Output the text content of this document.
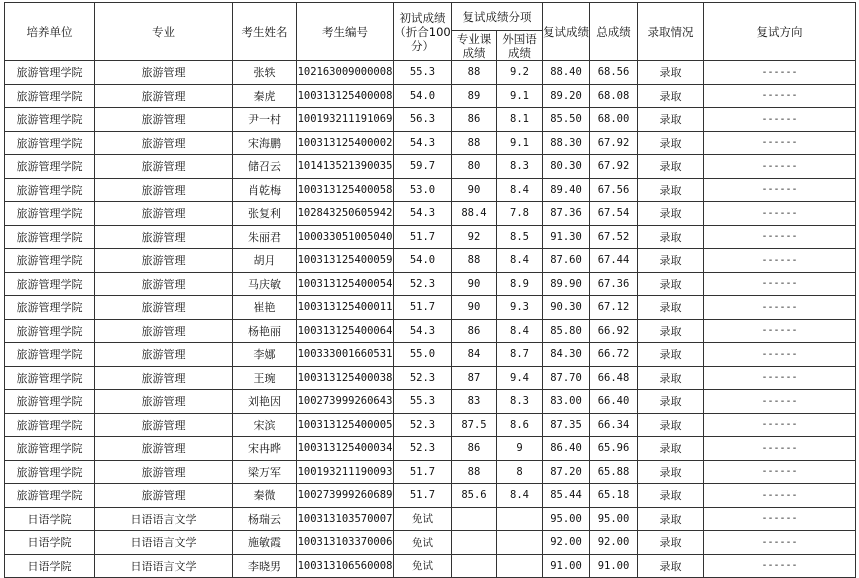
培养单位	专业	考生姓名	考生编号	初试成绩（折合100分）	复试成绩分项		复试成绩	总成绩	录取情况	复试方向
					专业课成绩	外国语成绩				
旅游管理学院	旅游管理	张轶	102163009000008	55.3	88	9.2	88.40	68.56	录取	------
旅游管理学院	旅游管理	秦虎	100313125400008	54.0	89	9.1	89.20	68.08	录取	------
旅游管理学院	旅游管理	尹一村	100193211191069	56.3	86	8.1	85.50	68.00	录取	------
旅游管理学院	旅游管理	宋海鹏	100313125400002	54.3	88	9.1	88.30	67.92	录取	------
旅游管理学院	旅游管理	储召云	101413521390035	59.7	80	8.3	80.30	67.92	录取	------
旅游管理学院	旅游管理	肖乾梅	100313125400058	53.0	90	8.4	89.40	67.56	录取	------
旅游管理学院	旅游管理	张复利	102843250605942	54.3	88.4	7.8	87.36	67.54	录取	------
旅游管理学院	旅游管理	朱丽君	100033051005040	51.7	92	8.5	91.30	67.52	录取	------
旅游管理学院	旅游管理	胡月	100313125400059	54.0	88	8.4	87.60	67.44	录取	------
旅游管理学院	旅游管理	马庆敏	100313125400054	52.3	90	8.9	89.90	67.36	录取	------
旅游管理学院	旅游管理	崔艳	100313125400011	51.7	90	9.3	90.30	67.12	录取	------
旅游管理学院	旅游管理	杨艳丽	100313125400064	54.3	86	8.4	85.80	66.92	录取	------
旅游管理学院	旅游管理	李娜	100333001660531	55.0	84	8.7	84.30	66.72	录取	------
旅游管理学院	旅游管理	王琬	100313125400038	52.3	87	9.4	87.70	66.48	录取	------
旅游管理学院	旅游管理	刘艳因	100273999260643	55.3	83	8.3	83.00	66.40	录取	------
旅游管理学院	旅游管理	宋滨	100313125400005	52.3	87.5	8.6	87.35	66.34	录取	------
旅游管理学院	旅游管理	宋冉晔	100313125400034	52.3	86	9	86.40	65.96	录取	------
旅游管理学院	旅游管理	梁万军	100193211190093	51.7	88	8	87.20	65.88	录取	------
旅游管理学院	旅游管理	秦微	100273999260689	51.7	85.6	8.4	85.44	65.18	录取	------
日语学院	日语语言文学	杨瑞云	100313103570007	免试			95.00	95.00	录取	------
日语学院	日语语言文学	施敏霞	100313103370006	免试			92.00	92.00	录取	------
日语学院	日语语言文学	李晓男	100313106560008	免试			91.00	91.00	录取	------
